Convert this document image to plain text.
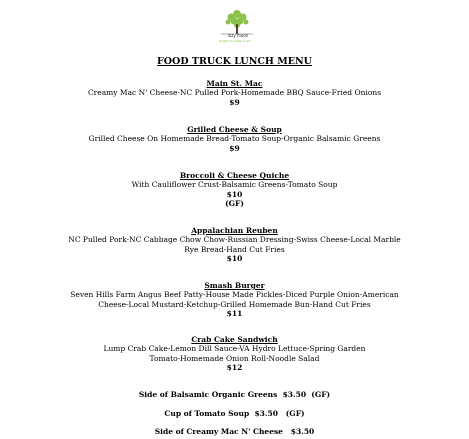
lazy moon
Neighborhood Bar & Grill
FOOD TRUCK LUNCH MENU
Main St. Mac
Creamy Mac N' Cheese-NC Pulled Pork-Homemade BBQ Sauce-Fried Onions
$9
Grilled Cheese & Soup
Grilled Cheese On Homemade Bread-Tomato Soup-Organic Balsamic Greens
$9
Broccoli & Cheese Quiche
With Cauliflower Crust-Balsamic Greens-Tomato Soup
$10
(GF)
Appalachian Reuben
NC Pulled Pork-NC Cabbage Chow Chow-Russian Dressing-Swiss Cheese-Local Marble
Rye Bread-Hand Cut Fries
$10
Smash Burger
Seven Hills Farm Angus Beef Patty-House Made Pickles-Diced Purple Onion-American
Cheese-Local Mustard-Ketchup-Grilled Homemade Bun-Hand Cut Fries
$11
Crab Cake Sandwich
Lump Crab Cake-Lemon Dill Sauce-VA Hydro Lettuce-Spring Garden
Tomato-Homemade Onion Roll-Noodle Salad
$12
Side of Balsamic Organic Greens  $3.50  (GF)
Cup of Tomato Soup  $3.50   (GF)
Side of Creamy Mac N' Cheese   $3.50
